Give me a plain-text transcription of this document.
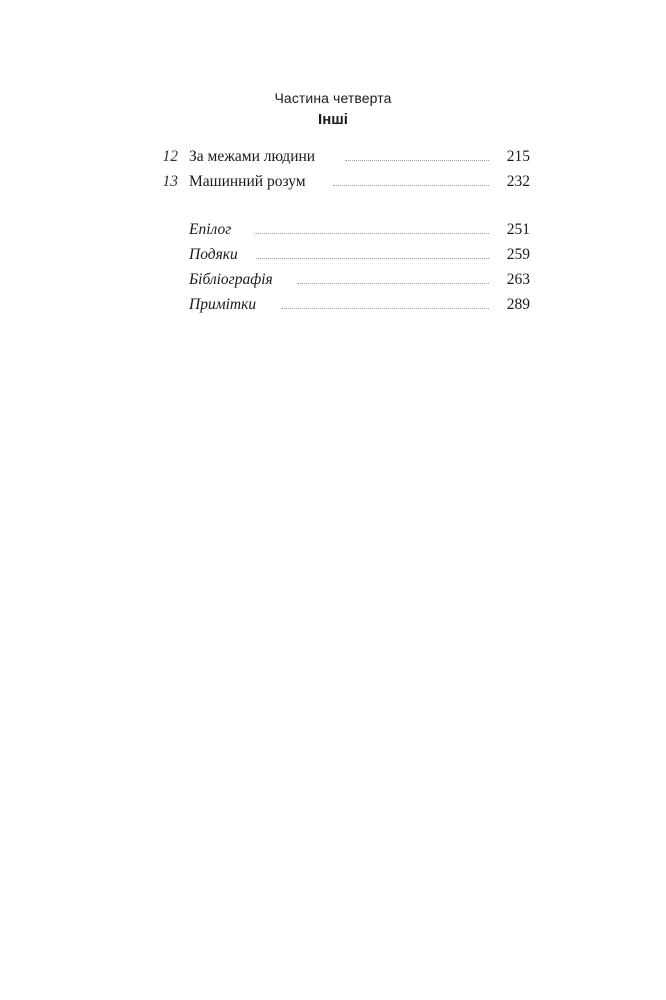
Частина четверта
Інші
12 За межами людини	215
13 Машинний розум	232
Епілог	251
Подяки	259
Бібліографія	263
Примітки	289
